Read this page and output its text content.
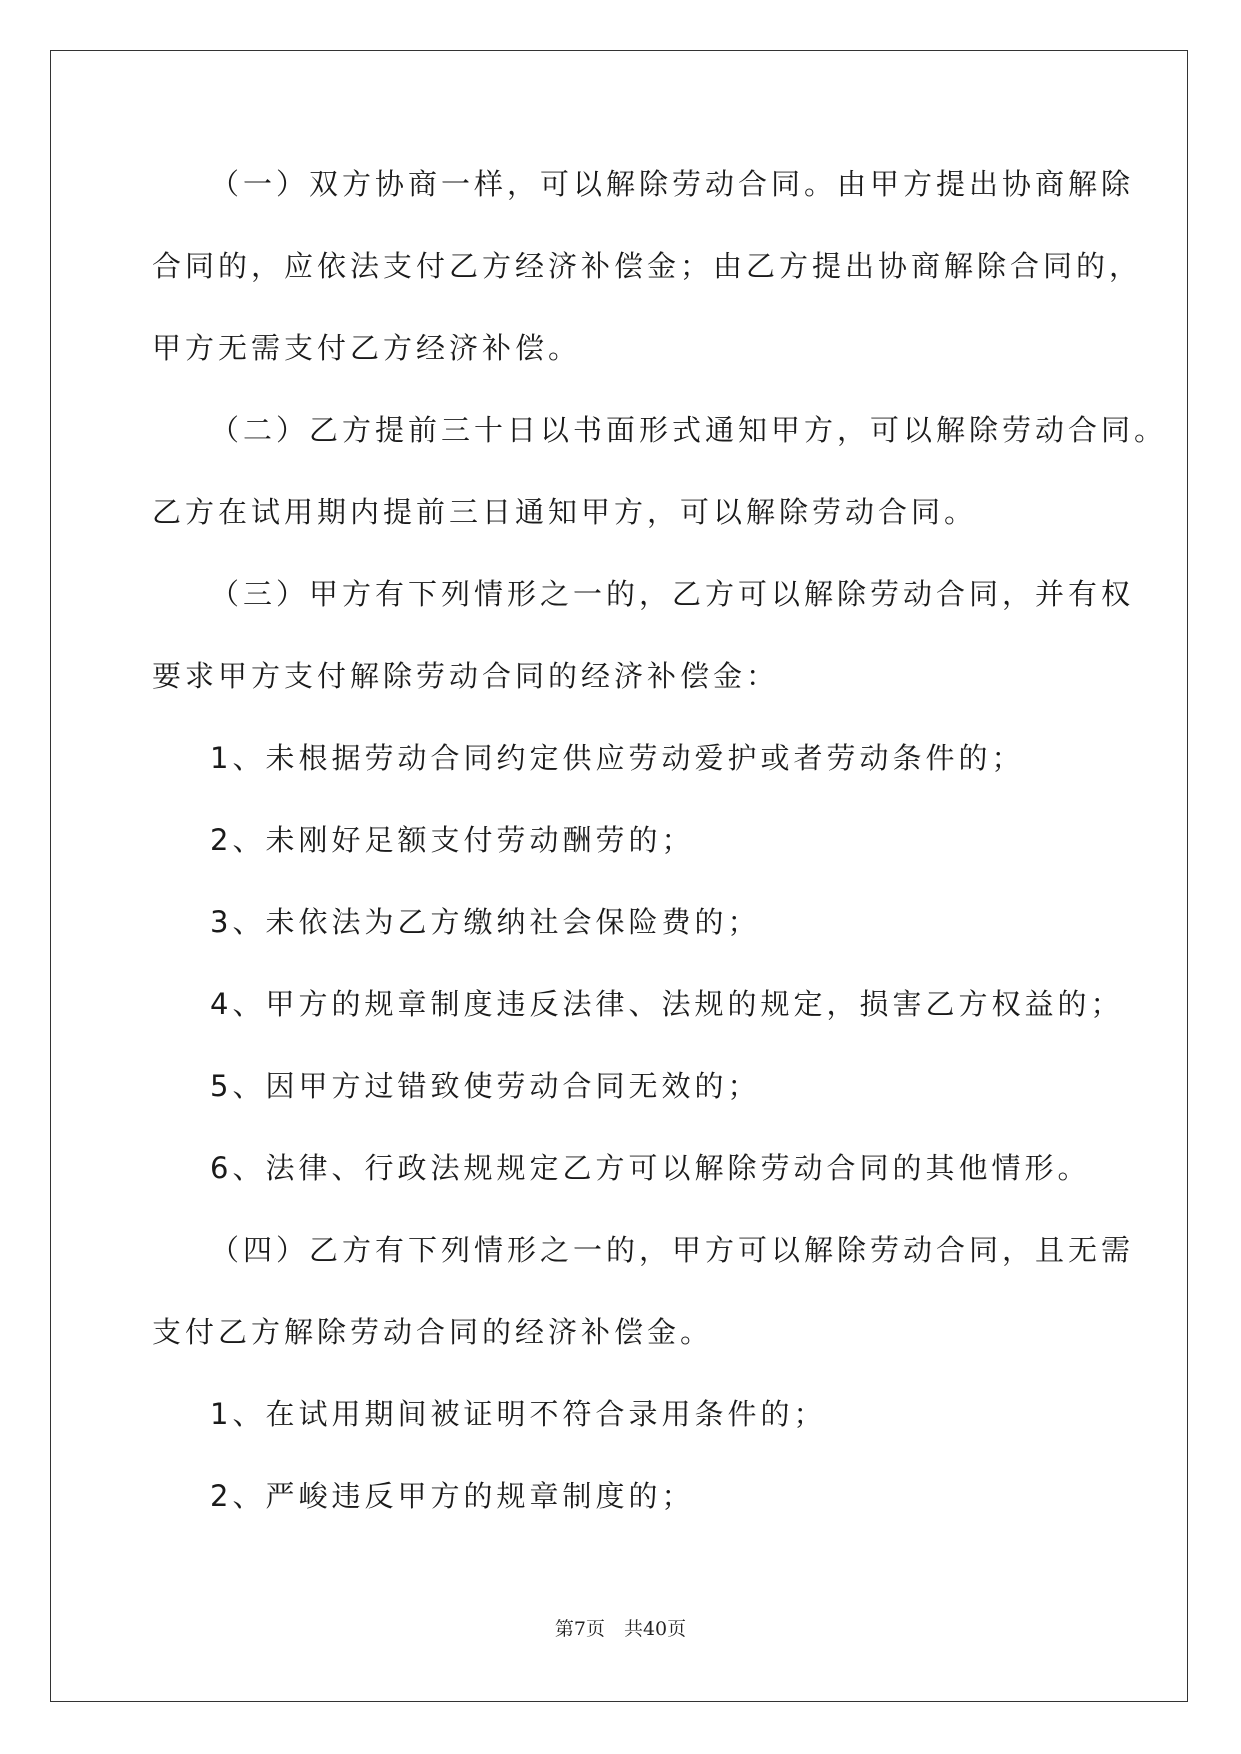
（一）双方协商一样，可以解除劳动合同。由甲方提出协商解除
合同的，应依法支付乙方经济补偿金；由乙方提出协商解除合同的，
甲方无需支付乙方经济补偿。
（二）乙方提前三十日以书面形式通知甲方，可以解除劳动合同。
乙方在试用期内提前三日通知甲方，可以解除劳动合同。
（三）甲方有下列情形之一的，乙方可以解除劳动合同，并有权
要求甲方支付解除劳动合同的经济补偿金：
1、未根据劳动合同约定供应劳动爱护或者劳动条件的；
2、未刚好足额支付劳动酬劳的；
3、未依法为乙方缴纳社会保险费的；
4、甲方的规章制度违反法律、法规的规定，损害乙方权益的；
5、因甲方过错致使劳动合同无效的；
6、法律、行政法规规定乙方可以解除劳动合同的其他情形。
（四）乙方有下列情形之一的，甲方可以解除劳动合同，且无需
支付乙方解除劳动合同的经济补偿金。
1、在试用期间被证明不符合录用条件的；
2、严峻违反甲方的规章制度的；
第7页　共40页
